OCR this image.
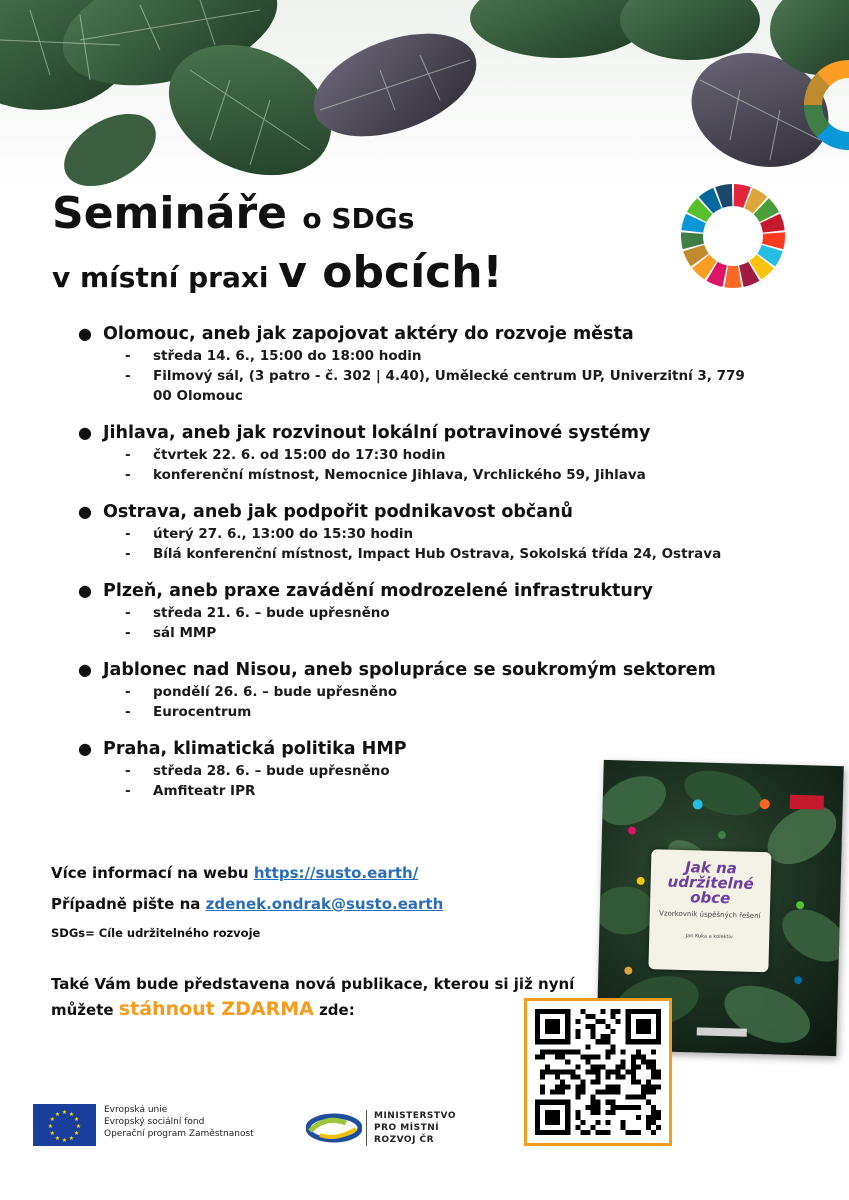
Semináře o SDGs
v místní praxi v obcích!
● Olomouc, aneb jak zapojovat aktéry do rozvoje města
-	středa 14. 6., 15:00 do 18:00 hodin
-	Filmový sál, (3 patro - č. 302 | 4.40), Umělecké centrum UP, Univerzitní 3, 779 00 Olomouc
● Jihlava, aneb jak rozvinout lokální potravinové systémy
-	čtvrtek 22. 6. od 15:00 do 17:30 hodin
-	konferenční místnost, Nemocnice Jihlava, Vrchlického 59, Jihlava
● Ostrava, aneb jak podpořit podnikavost občanů
-	úterý 27. 6., 13:00 do 15:30 hodin
-	Bílá konferenční místnost, Impact Hub Ostrava, Sokolská třída 24, Ostrava
● Plzeň, aneb praxe zavádění modrozelené infrastruktury
-	středa 21. 6. – bude upřesněno
-	sál MMP
● Jablonec nad Nisou, aneb spolupráce se soukromým sektorem
-	pondělí 26. 6. – bude upřesněno
-	Eurocentrum
● Praha, klimatická politika HMP
-	středa 28. 6. – bude upřesněno
-	Amfiteatr IPR
Více informací na webu https://susto.earth/
Případně pište na zdenek.ondrak@susto.earth
SDGs= Cíle udržitelného rozvoje
Také Vám bude představena nová publikace, kterou si již nyní
můžete stáhnout ZDARMA zde:
Jak na udržitelné obce
Vzorkovník úspěšných řešení
Jan Kuka a kolektiv
★
★
★
★
★
★
★
★
★ ★ ★
★
Evropská unie
Evropský sociální fond
Operační program Zaměstnanost
MINISTERSTVO
PRO MÍSTNÍ
ROZVOJ ČR
